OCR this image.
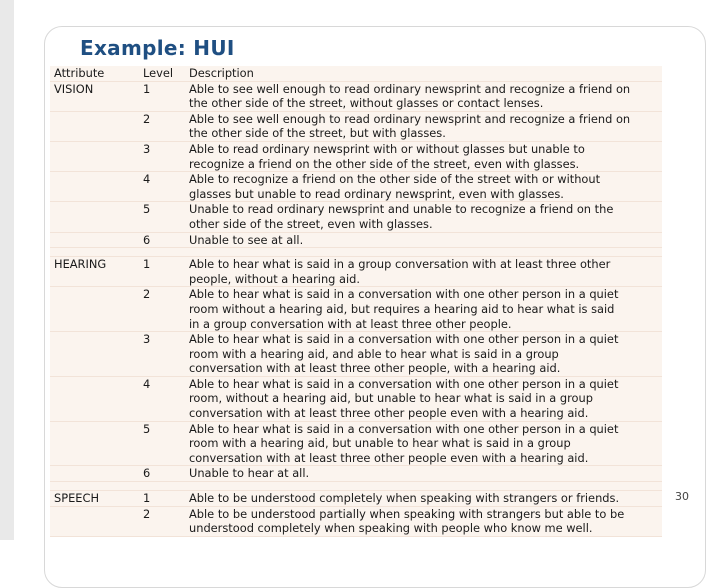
Example: HUI
30
Attribute	Level	Description
VISION	1	Able to see well enough to read ordinary newsprint and recognize a friend on
the other side of the street, without glasses or contact lenses.
2	Able to see well enough to read ordinary newsprint and recognize a friend on
the other side of the street, but with glasses.
3	Able to read ordinary newsprint with or without glasses but unable to
recognize a friend on the other side of the street, even with glasses.
4	Able to recognize a friend on the other side of the street with or without
glasses but unable to read ordinary newsprint, even with glasses.
5	Unable to read ordinary newsprint and unable to recognize a friend on the
other side of the street, even with glasses.
6	Unable to see at all.
HEARING	1	Able to hear what is said in a group conversation with at least three other
people, without a hearing aid.
2	Able to hear what is said in a conversation with one other person in a quiet
room without a hearing aid, but requires a hearing aid to hear what is said
in a group conversation with at least three other people.
3	Able to hear what is said in a conversation with one other person in a quiet
room with a hearing aid, and able to hear what is said in a group
conversation with at least three other people, with a hearing aid.
4	Able to hear what is said in a conversation with one other person in a quiet
room, without a hearing aid, but unable to hear what is said in a group
conversation with at least three other people even with a hearing aid.
5	Able to hear what is said in a conversation with one other person in a quiet
room with a hearing aid, but unable to hear what is said in a group
conversation with at least three other people even with a hearing aid.
6	Unable to hear at all.
SPEECH	1	Able to be understood completely when speaking with strangers or friends.
2	Able to be understood partially when speaking with strangers but able to be
understood completely when speaking with people who know me well.
